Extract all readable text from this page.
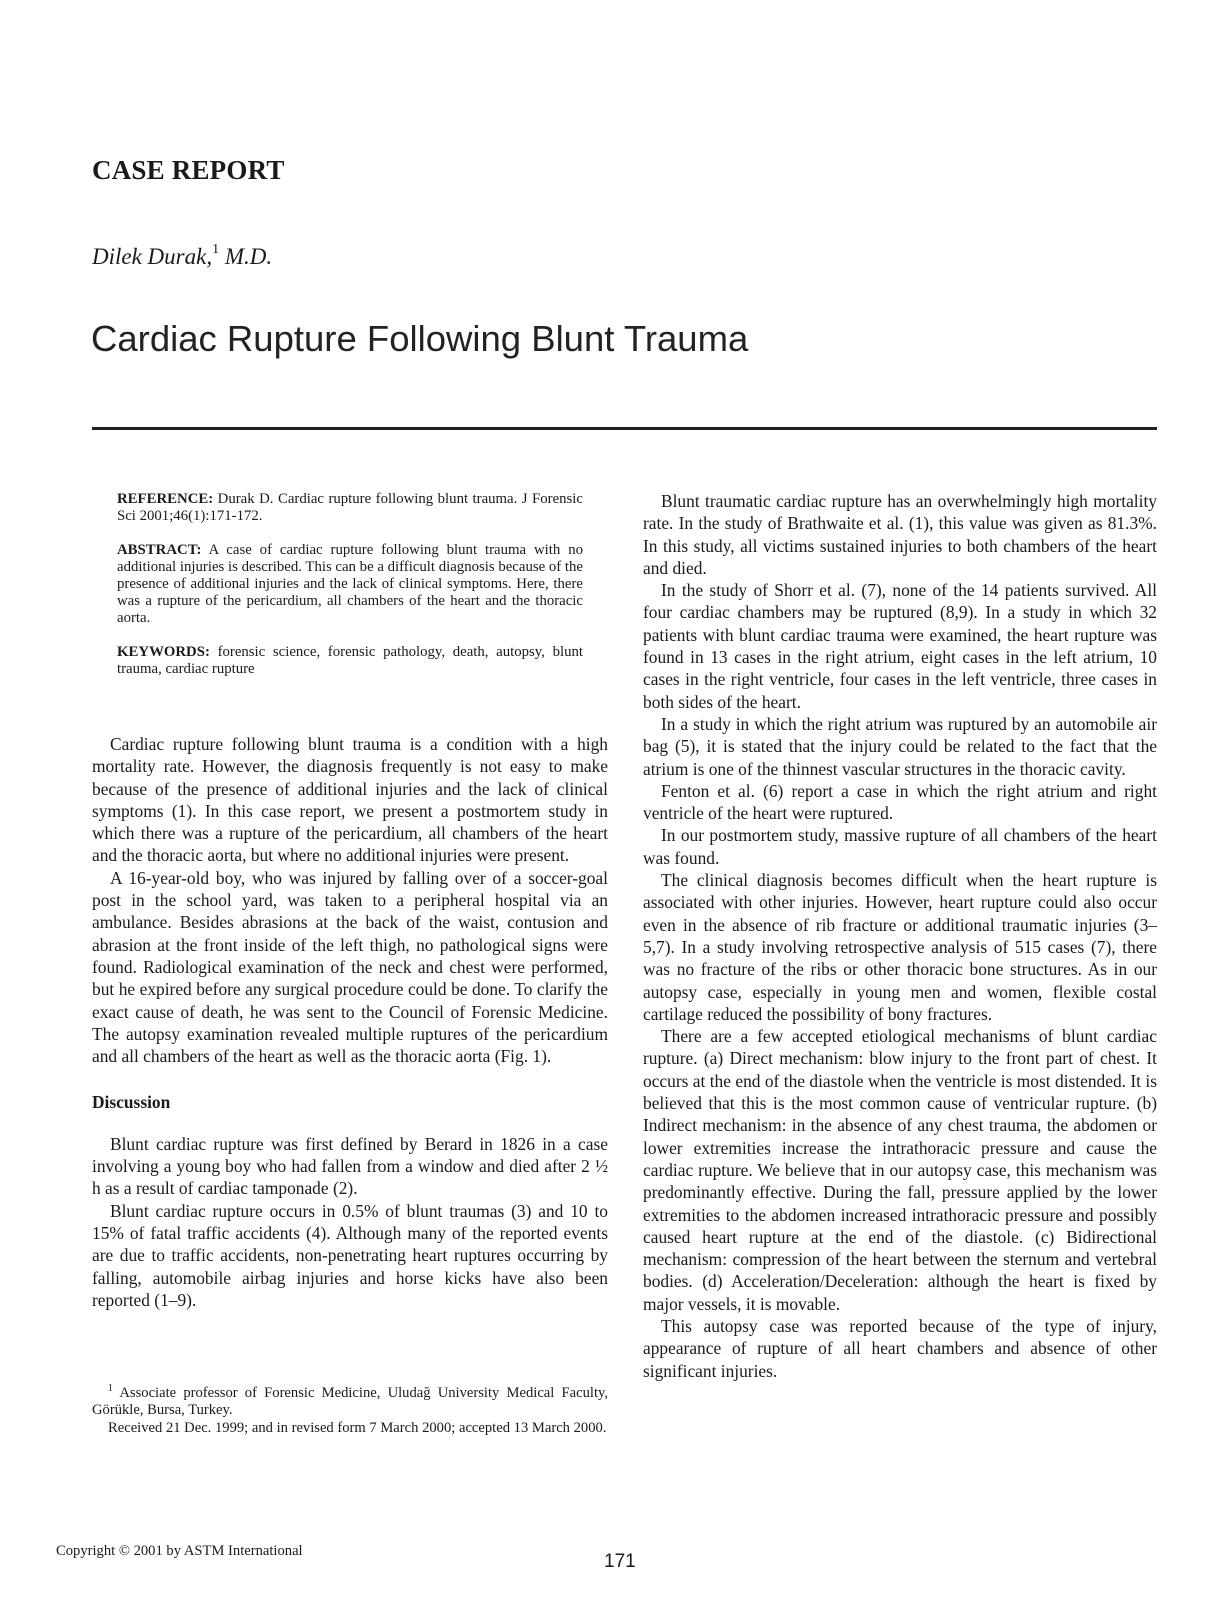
CASE REPORT
Dilek Durak,$^1$ M.D.
Cardiac Rupture Following Blunt Trauma

REFERENCE: Durak D. Cardiac rupture following blunt trauma. J Forensic Sci 2001;46(1):171-172.

ABSTRACT: A case of cardiac rupture following blunt trauma with no additional injuries is described. This can be a difficult diagnosis because of the presence of additional injuries and the lack of clinical symptoms. Here, there was a rupture of the pericardium, all chambers of the heart and the thoracic aorta.

KEYWORDS: forensic science, forensic pathology, death, autopsy, blunt trauma, cardiac rupture

Cardiac rupture following blunt trauma is a condition with a high mortality rate. However, the diagnosis frequently is not easy to make because of the presence of additional injuries and the lack of clinical symptoms (1). In this case report, we present a postmortem study in which there was a rupture of the pericardium, all chambers of the heart and the thoracic aorta, but where no additional injuries were present.

A 16-year-old boy, who was injured by falling over of a soccer-goal post in the school yard, was taken to a peripheral hospital via an ambulance. Besides abrasions at the back of the waist, contusion and abrasion at the front inside of the left thigh, no pathological signs were found. Radiological examination of the neck and chest were performed, but he expired before any surgical procedure could be done. To clarify the exact cause of death, he was sent to the Council of Forensic Medicine. The autopsy examination revealed multiple ruptures of the pericardium and all chambers of the heart as well as the thoracic aorta (Fig. 1).

Discussion

Blunt cardiac rupture was first defined by Berard in 1826 in a case involving a young boy who had fallen from a window and died after 2 ½ h as a result of cardiac tamponade (2).

Blunt cardiac rupture occurs in 0.5% of blunt traumas (3) and 10 to 15% of fatal traffic accidents (4). Although many of the reported events are due to traffic accidents, non-penetrating heart ruptures occurring by falling, automobile airbag injuries and horse kicks have also been reported (1–9).

$^1$ Associate professor of Forensic Medicine, Uludağ University Medical Faculty, Görükle, Bursa, Turkey.

Received 21 Dec. 1999; and in revised form 7 March 2000; accepted 13 March 2000.

Blunt traumatic cardiac rupture has an overwhelmingly high mortality rate. In the study of Brathwaite et al. (1), this value was given as 81.3%. In this study, all victims sustained injuries to both chambers of the heart and died.

In the study of Shorr et al. (7), none of the 14 patients survived. All four cardiac chambers may be ruptured (8,9). In a study in which 32 patients with blunt cardiac trauma were examined, the heart rupture was found in 13 cases in the right atrium, eight cases in the left atrium, 10 cases in the right ventricle, four cases in the left ventricle, three cases in both sides of the heart.

In a study in which the right atrium was ruptured by an automobile air bag (5), it is stated that the injury could be related to the fact that the atrium is one of the thinnest vascular structures in the thoracic cavity.

Fenton et al. (6) report a case in which the right atrium and right ventricle of the heart were ruptured.

In our postmortem study, massive rupture of all chambers of the heart was found.

The clinical diagnosis becomes difficult when the heart rupture is associated with other injuries. However, heart rupture could also occur even in the absence of rib fracture or additional traumatic injuries (3–5,7). In a study involving retrospective analysis of 515 cases (7), there was no fracture of the ribs or other thoracic bone structures. As in our autopsy case, especially in young men and women, flexible costal cartilage reduced the possibility of bony fractures.

There are a few accepted etiological mechanisms of blunt cardiac rupture. (a) Direct mechanism: blow injury to the front part of chest. It occurs at the end of the diastole when the ventricle is most distended. It is believed that this is the most common cause of ventricular rupture. (b) Indirect mechanism: in the absence of any chest trauma, the abdomen or lower extremities increase the intrathoracic pressure and cause the cardiac rupture. We believe that in our autopsy case, this mechanism was predominantly effective. During the fall, pressure applied by the lower extremities to the abdomen increased intrathoracic pressure and possibly caused heart rupture at the end of the diastole. (c) Bidirectional mechanism: compression of the heart between the sternum and vertebral bodies. (d) Acceleration/Deceleration: although the heart is fixed by major vessels, it is movable.

This autopsy case was reported because of the type of injury, appearance of rupture of all heart chambers and absence of other significant injuries.

Copyright © 2001 by ASTM International	171
